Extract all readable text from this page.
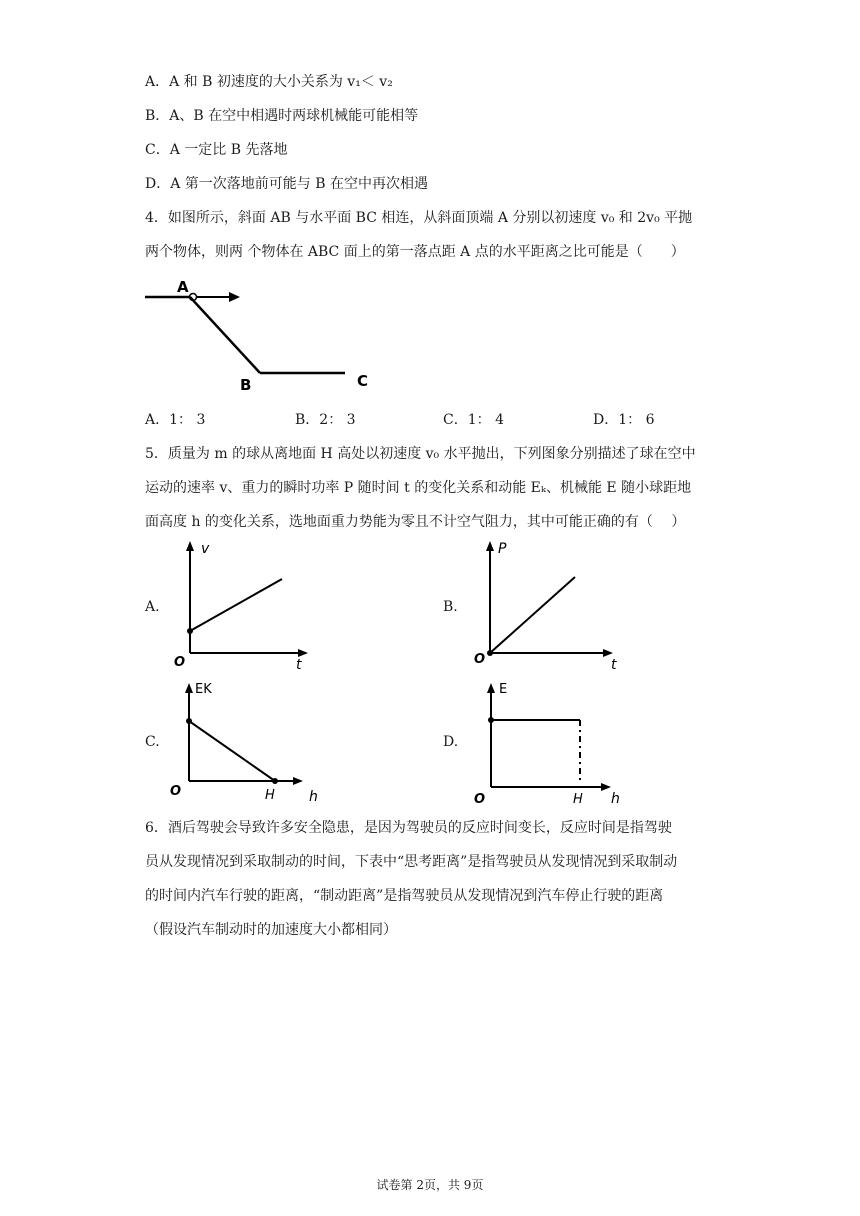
A．A 和 B 初速度的大小关系为 v₁＜ v₂
B．A、B 在空中相遇时两球机械能可能相等
C．A 一定比 B 先落地
D．A 第一次落地前可能与 B 在空中再次相遇
4．如图所示，斜面 AB 与水平面 BC 相连，从斜面顶端 A 分别以初速度 v₀ 和 2v₀ 平抛
两个物体，则两 个物体在 ABC 面上的第一落点距 A 点的水平距离之比可能是（　　）
A
B	C
A．1： 3	B．2： 3	C．1： 4	D．1： 6
5．质量为 m 的球从离地面 H 高处以初速度 v₀ 水平抛出，下列图象分别描述了球在空中
运动的速率 v、重力的瞬时功率 P 随时间 t 的变化关系和动能 Eₖ、机械能 E 随小球距地
面高度 h 的变化关系，选地面重力势能为零且不计空气阻力，其中可能正确的有（　 ）
A.
v
t
O
B.
P
t
O
C.
EK
h
H
O
D.
E
h
H
O
6．酒后驾驶会导致许多安全隐患，是因为驾驶员的反应时间变长，反应时间是指驾驶
员从发现情况到采取制动的时间，下表中“思考距离”是指驾驶员从发现情况到采取制动
的时间内汽车行驶的距离，“制动距离”是指驾驶员从发现情况到汽车停止行驶的距离
（假设汽车制动时的加速度大小都相同）
试卷第 2页，共 9页
